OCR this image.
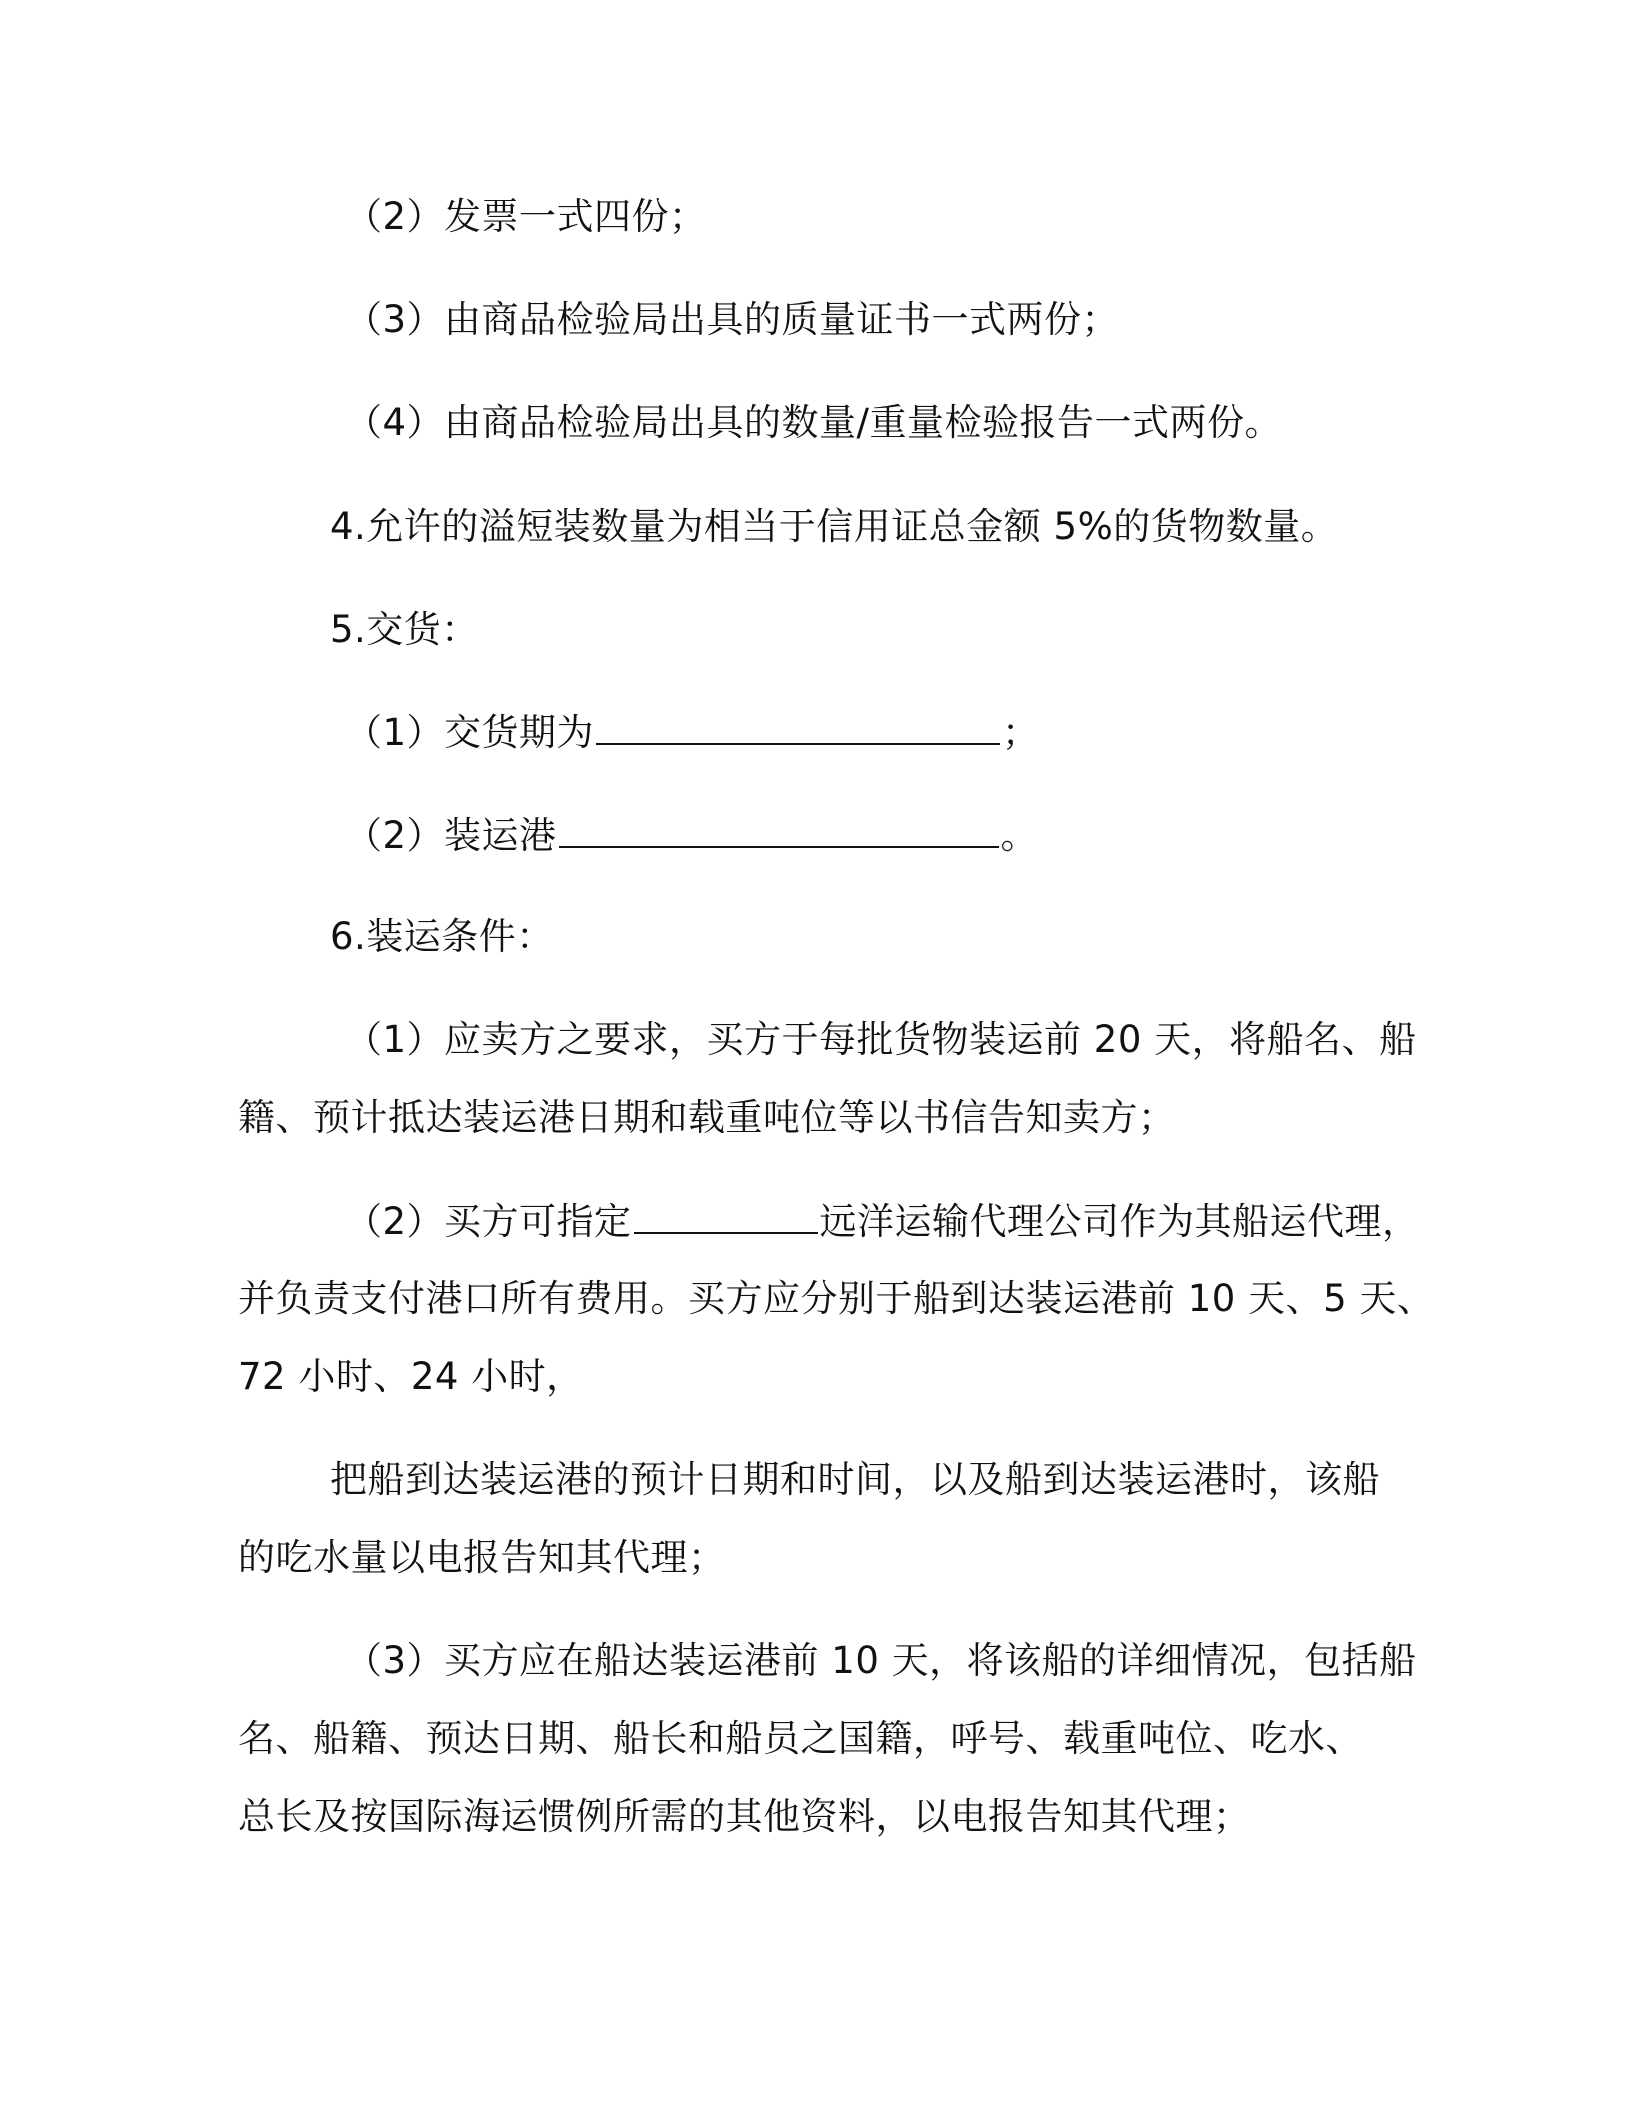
（2）发票一式四份；
（3）由商品检验局出具的质量证书一式两份；
（4）由商品检验局出具的数量/重量检验报告一式两份。
4.允许的溢短装数量为相当于信用证总金额 5%的货物数量。
5.交货：
（1）交货期为	；
（2）装运港	。
6.装运条件：
（1）应卖方之要求，买方于每批货物装运前 20 天，将船名、船
籍、预计抵达装运港日期和载重吨位等以书信告知卖方；
（2）买方可指定	远洋运输代理公司作为其船运代理，
并负责支付港口所有费用。买方应分别于船到达装运港前 10 天、5 天、
72 小时、24 小时，
把船到达装运港的预计日期和时间，以及船到达装运港时，该船
的吃水量以电报告知其代理；
（3）买方应在船达装运港前 10 天，将该船的详细情况，包括船
名、船籍、预达日期、船长和船员之国籍，呼号、载重吨位、吃水、
总长及按国际海运惯例所需的其他资料，以电报告知其代理；
